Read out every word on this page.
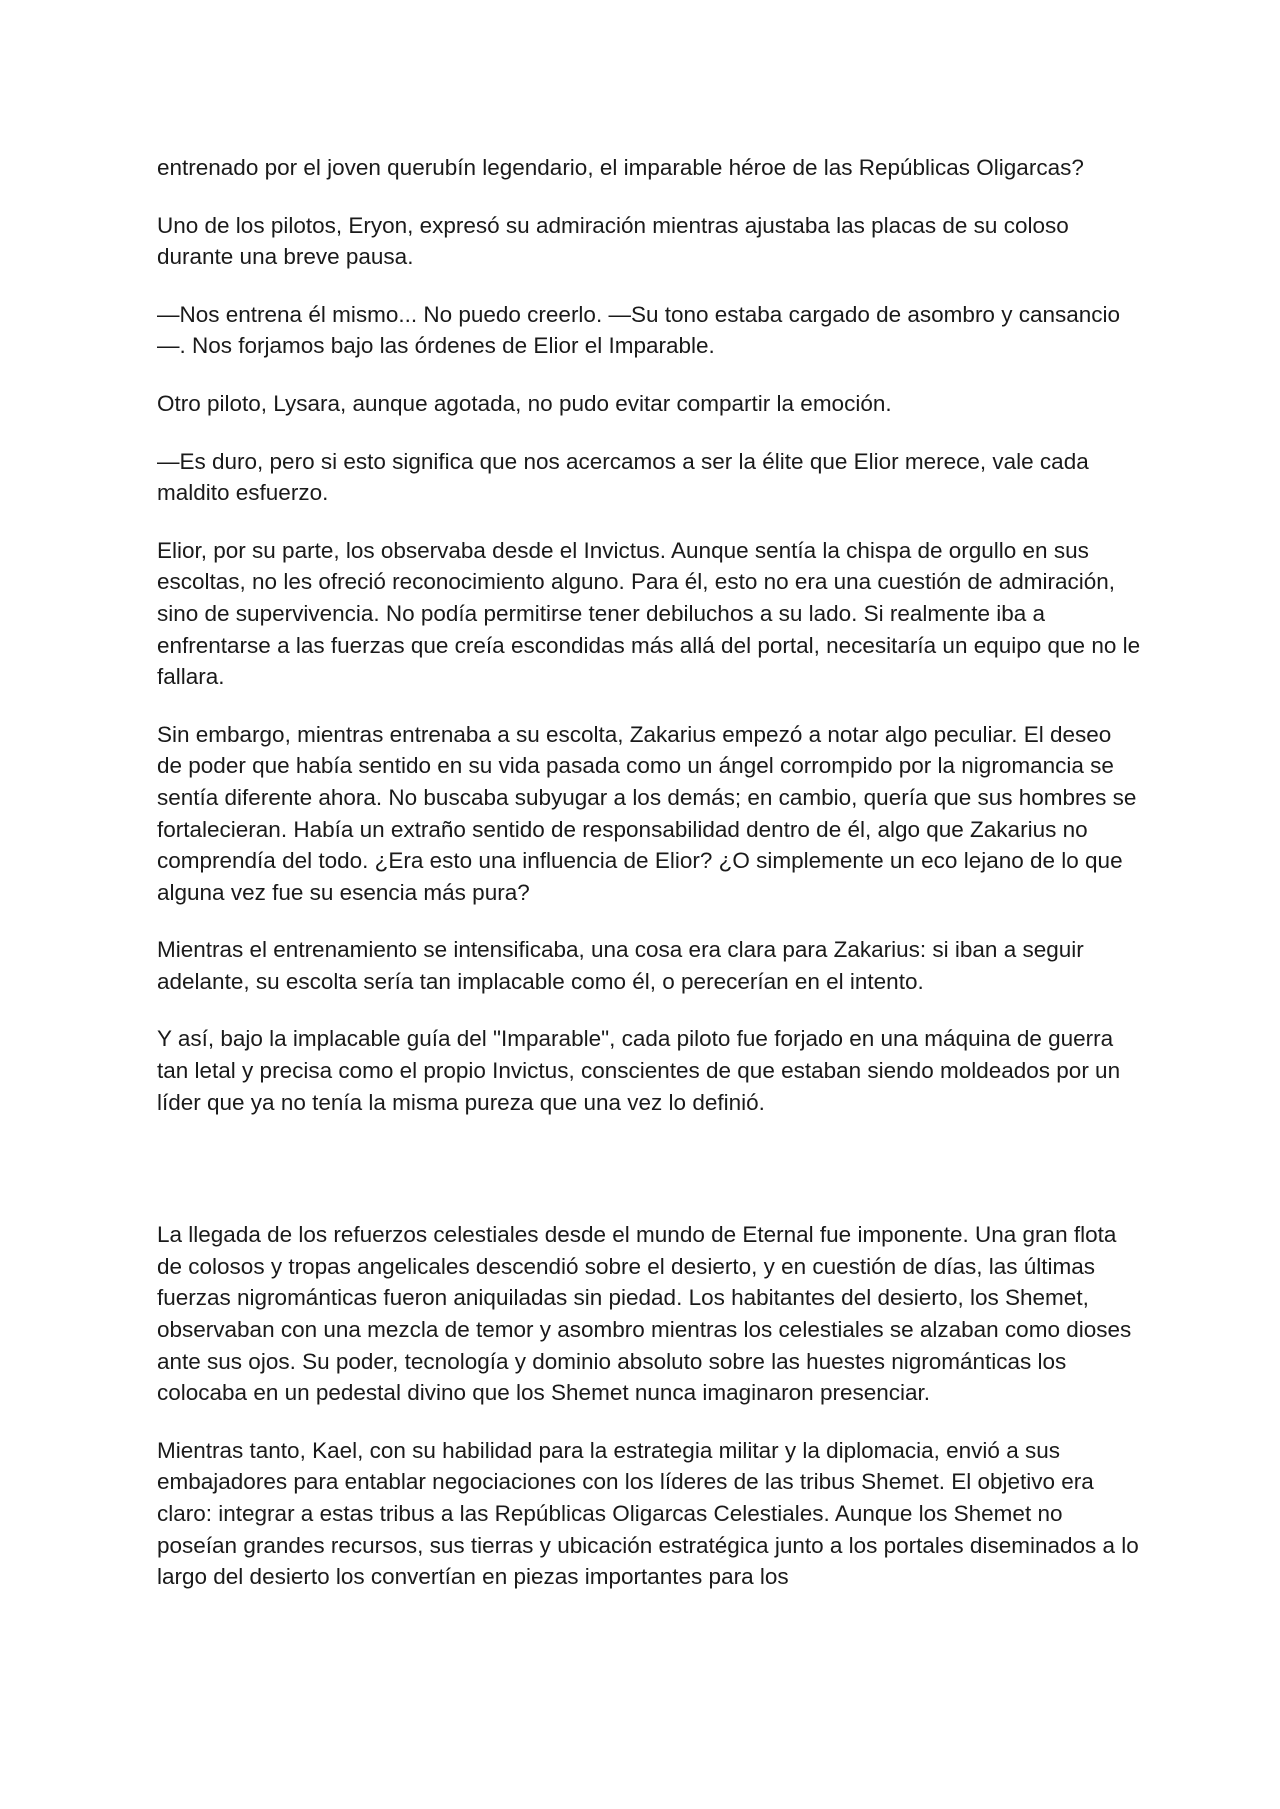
entrenado por el joven querubín legendario, el imparable héroe de las Repúblicas Oligarcas?

Uno de los pilotos, Eryon, expresó su admiración mientras ajustaba las placas de su coloso durante una breve pausa.

—Nos entrena él mismo... No puedo creerlo. —Su tono estaba cargado de asombro y cansancio—. Nos forjamos bajo las órdenes de Elior el Imparable.

Otro piloto, Lysara, aunque agotada, no pudo evitar compartir la emoción.

—Es duro, pero si esto significa que nos acercamos a ser la élite que Elior merece, vale cada maldito esfuerzo.

Elior, por su parte, los observaba desde el Invictus. Aunque sentía la chispa de orgullo en sus escoltas, no les ofreció reconocimiento alguno. Para él, esto no era una cuestión de admiración, sino de supervivencia. No podía permitirse tener debiluchos a su lado. Si realmente iba a enfrentarse a las fuerzas que creía escondidas más allá del portal, necesitaría un equipo que no le fallara.

Sin embargo, mientras entrenaba a su escolta, Zakarius empezó a notar algo peculiar. El deseo de poder que había sentido en su vida pasada como un ángel corrompido por la nigromancia se sentía diferente ahora. No buscaba subyugar a los demás; en cambio, quería que sus hombres se fortalecieran. Había un extraño sentido de responsabilidad dentro de él, algo que Zakarius no comprendía del todo. ¿Era esto una influencia de Elior? ¿O simplemente un eco lejano de lo que alguna vez fue su esencia más pura?

Mientras el entrenamiento se intensificaba, una cosa era clara para Zakarius: si iban a seguir adelante, su escolta sería tan implacable como él, o perecerían en el intento.

Y así, bajo la implacable guía del "Imparable", cada piloto fue forjado en una máquina de guerra tan letal y precisa como el propio Invictus, conscientes de que estaban siendo moldeados por un líder que ya no tenía la misma pureza que una vez lo definió.

La llegada de los refuerzos celestiales desde el mundo de Eternal fue imponente. Una gran flota de colosos y tropas angelicales descendió sobre el desierto, y en cuestión de días, las últimas fuerzas nigrománticas fueron aniquiladas sin piedad. Los habitantes del desierto, los Shemet, observaban con una mezcla de temor y asombro mientras los celestiales se alzaban como dioses ante sus ojos. Su poder, tecnología y dominio absoluto sobre las huestes nigrománticas los colocaba en un pedestal divino que los Shemet nunca imaginaron presenciar.

Mientras tanto, Kael, con su habilidad para la estrategia militar y la diplomacia, envió a sus embajadores para entablar negociaciones con los líderes de las tribus Shemet. El objetivo era claro: integrar a estas tribus a las Repúblicas Oligarcas Celestiales. Aunque los Shemet no poseían grandes recursos, sus tierras y ubicación estratégica junto a los portales diseminados a lo largo del desierto los convertían en piezas importantes para los
